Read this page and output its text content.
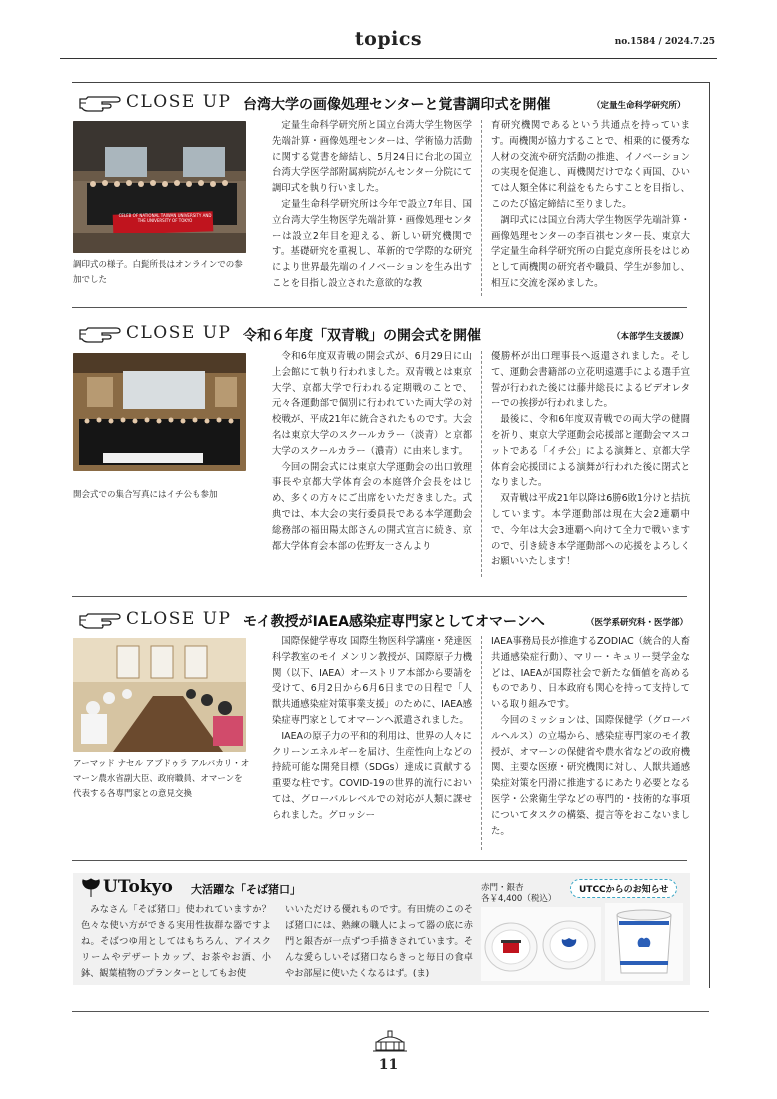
topics	no.1584 / 2024.7.25
CLOSE UP 台湾大学の画像処理センターと覚書調印式を開催	（定量生命科学研究所）
CELEB OF NATIONAL TAIWAN UNIVERSITY AND THE UNIVERSITY OF TOKYO
調印式の様子。白髭所長はオンラインでの参加でした

定量生命科学研究所と国立台湾大学生物医学先端計算・画像処理センターは、学術協力活動に関する覚書を締結し、5月24日に台北の国立台湾大学医学部附属病院がんセンター分院にて調印式を執り行いました。

定量生命科学研究所は今年で設立7年目、国立台湾大学生物医学先端計算・画像処理センターは設立2年目を迎える、新しい研究機関です。基礎研究を重視し、革新的で学際的な研究により世界最先端のイノベーションを生み出すことを目指し設立された意欲的な教

育研究機関であるという共通点を持っています。両機関が協力することで、相乗的に優秀な人材の交流や研究活動の推進、イノベーションの実現を促進し、両機関だけでなく両国、ひいては人類全体に利益をもたらすことを目指し、このたび協定締結に至りました。

調印式には国立台湾大学生物医学先端計算・画像処理センターの李百祺センター長、東京大学定量生命科学研究所の白髭克彦所長をはじめとして両機関の研究者や職員、学生が参加し、相互に交流を深めました。

CLOSE UP 令和６年度「双青戦」の開会式を開催	（本部学生支援課）
開会式での集合写真にはイチ公も参加

令和6年度双青戦の開会式が、6月29日に山上会館にて執り行われました。双青戦とは東京大学、京都大学で行われる定期戦のことで、元々各運動部で個別に行われていた両大学の対校戦が、平成21年に統合されたものです。大会名は東京大学のスクールカラー（淡青）と京都大学のスクールカラー（濃青）に由来します。

今回の開会式には東京大学運動会の出口敦理事長や京都大学体育会の本庭啓介会長をはじめ、多くの方々にご出席をいただきました。式典では、本大会の実行委員長である本学運動会総務部の福田陽太郎さんの開式宣言に続き、京都大学体育会本部の佐野友一さんより

優勝杯が出口理事長へ返還されました。そして、運動会書籍部の立花明遠選手による選手宣誓が行われた後には藤井総長によるビデオレターでの挨拶が行われました。

最後に、令和6年度双青戦での両大学の健闘を祈り、東京大学運動会応援部と運動会マスコットである「イチ公」による演舞と、京都大学体育会応援団による演舞が行われた後に閉式となりました。

双青戦は平成21年以降は6勝6敗1分けと拮抗しています。本学運動部は現在大会2連覇中で、今年は大会3連覇へ向けて全力で戦いますので、引き続き本学運動部への応援をよろしくお願いいたします！

CLOSE UP モイ教授がIAEA感染症専門家としてオマーンへ	（医学系研究科・医学部）
アーマッド ナセル アブドゥラ アルバカリ・オマーン農水省副大臣、政府職員、オマーンを代表する各専門家との意見交換

国際保健学専攻 国際生物医科学講座・発達医科学教室のモイ メンリン教授が、国際原子力機関（以下、IAEA）オーストリア本部から要請を受けて、6月2日から6月6日までの日程で「人獣共通感染症対策事業支援」のために、IAEA感染症専門家としてオマーンへ派遣されました。

IAEAの原子力の平和的利用は、世界の人々にクリーンエネルギーを届け、生産性向上などの持続可能な開発目標（SDGs）達成に貢献する重要な柱です。COVID-19の世界的流行においては、グローバルレベルでの対応が人類に課せられました。グロッシー

IAEA事務局長が推進するZODIAC（統合的人畜共通感染症行動）、マリー・キュリー奨学金などは、IAEAが国際社会で新たな価値を高めるものであり、日本政府も関心を持って支持している取り組みです。

今回のミッションは、国際保健学（グローバルヘルス）の立場から、感染症専門家のモイ教授が、オマーンの保健省や農水省などの政府機関、主要な医療・研究機関に対し、人獣共通感染症対策を円滑に推進するにあたり必要となる医学・公衆衛生学などの専門的・技術的な事項についてタスクの構築、提言等をおこないました。

UTokyo 大活躍な「そば猪口」
みなさん「そば猪口」使われていますか？色々な使い方ができる実用性抜群な器ですよね。そばつゆ用としてはもちろん、アイスクリームやデザートカップ、お茶やお酒、小鉢、観葉植物のプランターとしてもお使
いいただける優れものです。有田焼のこのそば猪口には、熟練の職人によって器の底に赤門と銀杏が一点ずつ手描きされています。そんな愛らしいそば猪口ならきっと毎日の食卓やお部屋に使いたくなるはず。(ま)
赤門・銀杏
各￥4,400（税込）
UTCCからのお知らせ
11
